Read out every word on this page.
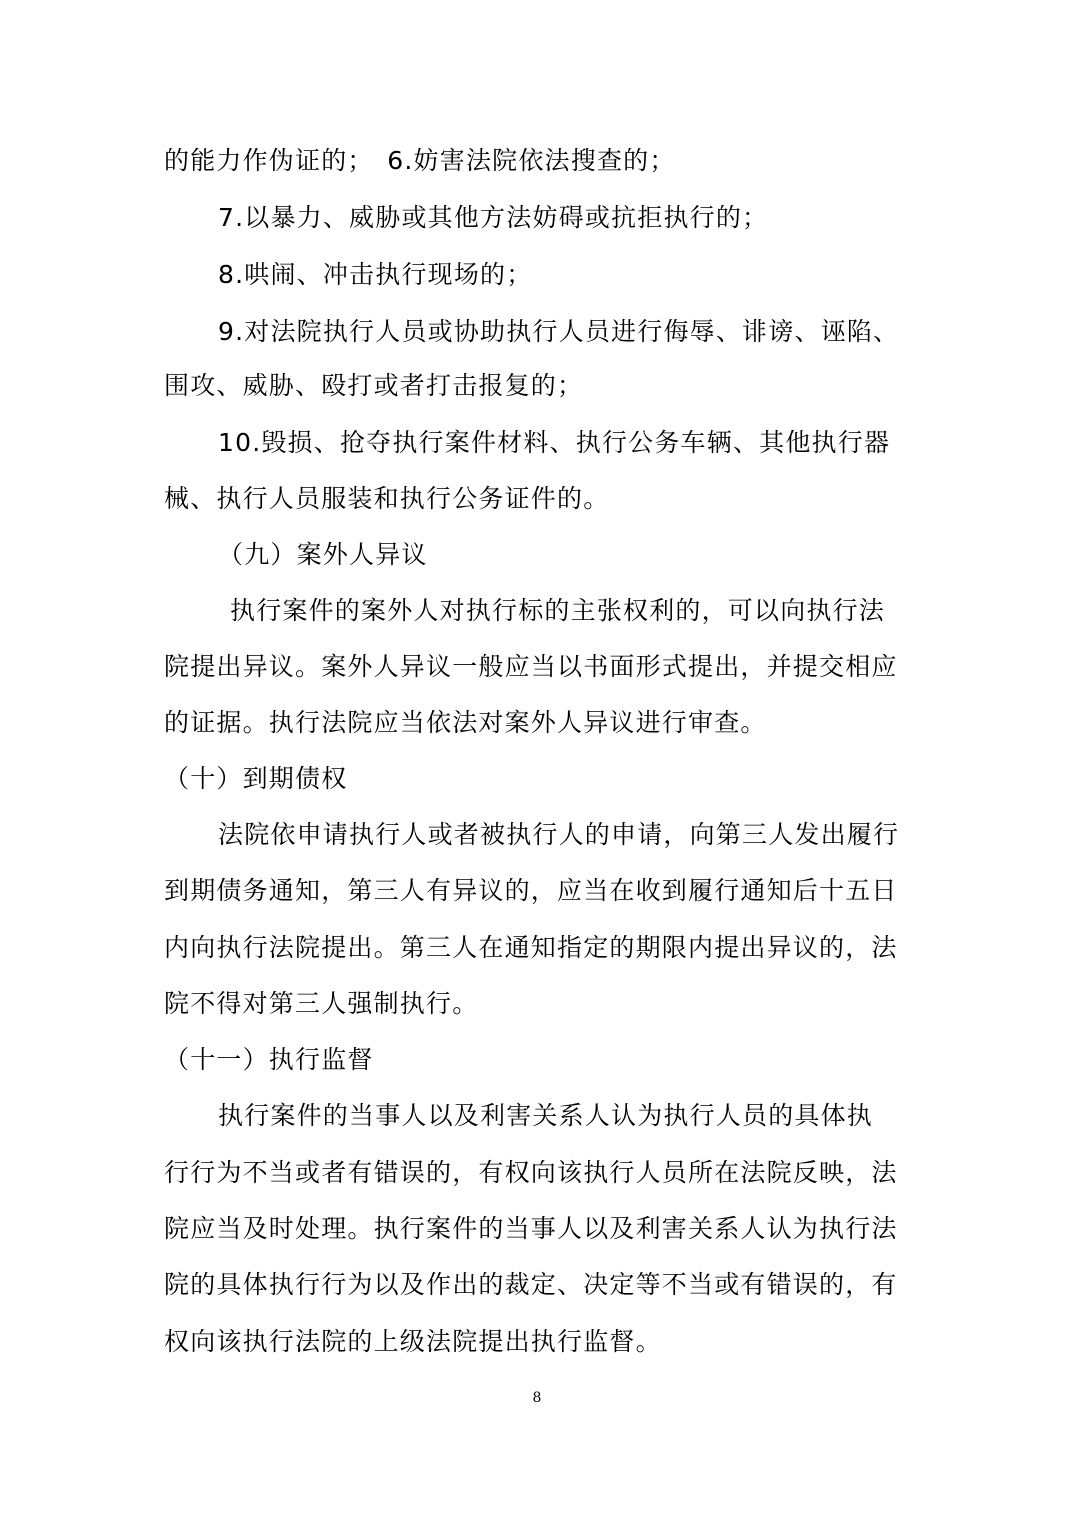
的能力作伪证的；　6.妨害法院依法搜查的；
7.以暴力、威胁或其他方法妨碍或抗拒执行的；
8.哄闹、冲击执行现场的；
9.对法院执行人员或协助执行人员进行侮辱、诽谤、诬陷、
围攻、威胁、殴打或者打击报复的；
10.毁损、抢夺执行案件材料、执行公务车辆、其他执行器
械、执行人员服装和执行公务证件的。
（九）案外人异议
执行案件的案外人对执行标的主张权利的，可以向执行法
院提出异议。案外人异议一般应当以书面形式提出，并提交相应
的证据。执行法院应当依法对案外人异议进行审查。
（十）到期债权
法院依申请执行人或者被执行人的申请，向第三人发出履行
到期债务通知，第三人有异议的，应当在收到履行通知后十五日
内向执行法院提出。第三人在通知指定的期限内提出异议的，法
院不得对第三人强制执行。
（十一）执行监督
执行案件的当事人以及利害关系人认为执行人员的具体执
行行为不当或者有错误的，有权向该执行人员所在法院反映，法
院应当及时处理。执行案件的当事人以及利害关系人认为执行法
院的具体执行行为以及作出的裁定、决定等不当或有错误的，有
权向该执行法院的上级法院提出执行监督。
8
